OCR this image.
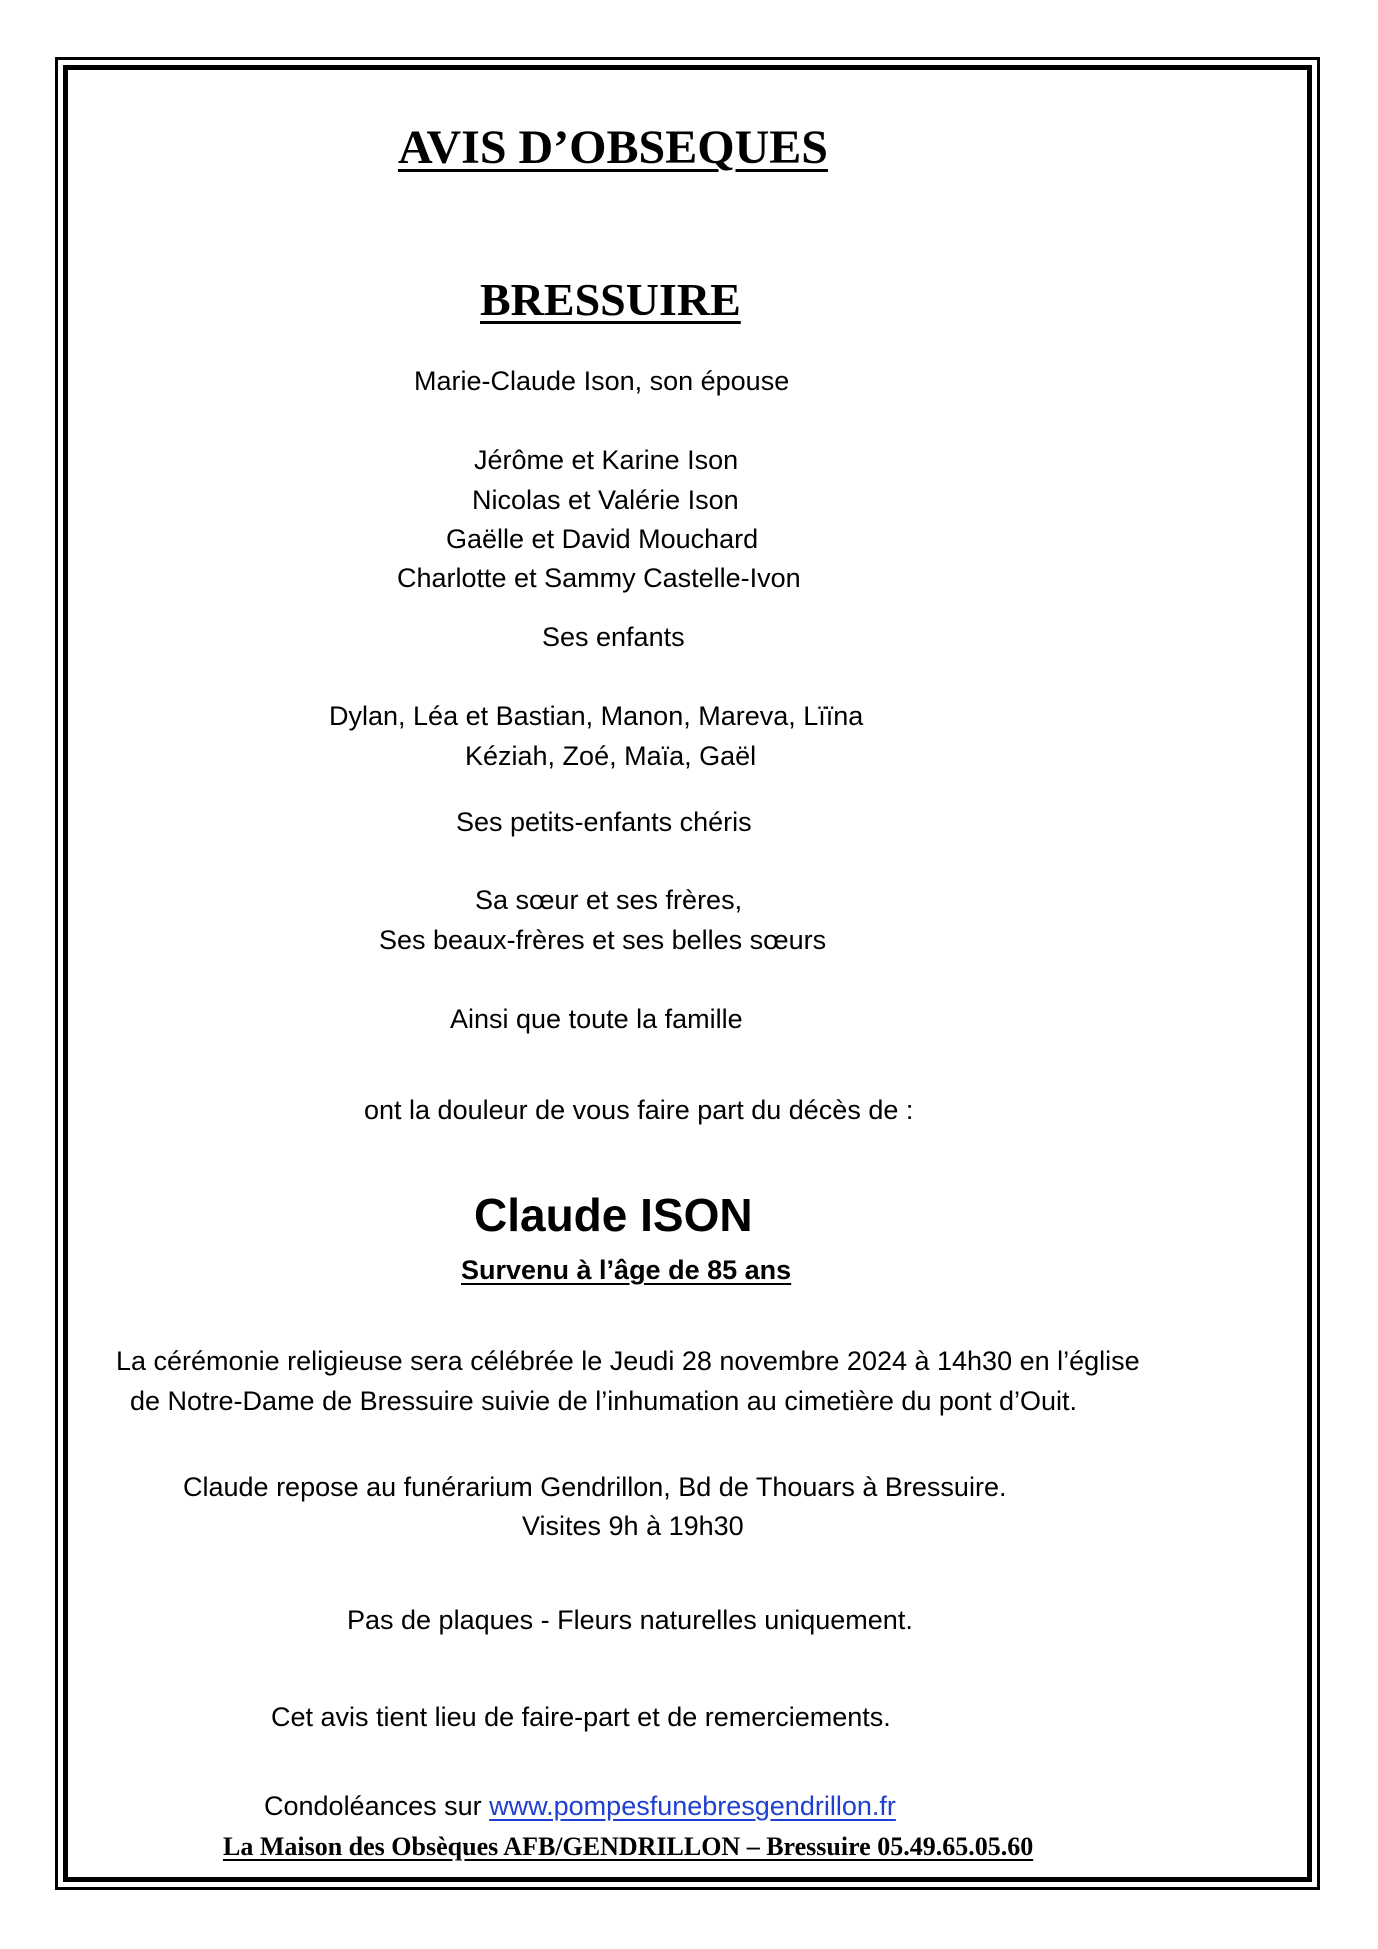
AVIS D’OBSEQUES
BRESSUIRE
Marie-Claude Ison, son épouse
Jérôme et Karine Ison
Nicolas et Valérie Ison
Gaëlle et David Mouchard
Charlotte et Sammy Castelle-Ivon
Ses enfants
Dylan, Léa et Bastian, Manon, Mareva, Lïïna
Kéziah, Zoé, Maïa, Gaël
Ses petits-enfants chéris
Sa sœur et ses frères,
Ses beaux-frères et ses belles sœurs
Ainsi que toute la famille
ont la douleur de vous faire part du décès de :
Claude ISON
Survenu à l’âge de 85 ans
La cérémonie religieuse sera célébrée le Jeudi 28 novembre 2024 à 14h30 en l’église
de Notre-Dame de Bressuire suivie de l’inhumation au cimetière du pont d’Ouit.
Claude repose au funérarium Gendrillon, Bd de Thouars à Bressuire.
Visites 9h à 19h30
Pas de plaques - Fleurs naturelles uniquement.
Cet avis tient lieu de faire-part et de remerciements.
Condoléances sur www.pompesfunebresgendrillon.fr
La Maison des Obsèques AFB/GENDRILLON – Bressuire 05.49.65.05.60
